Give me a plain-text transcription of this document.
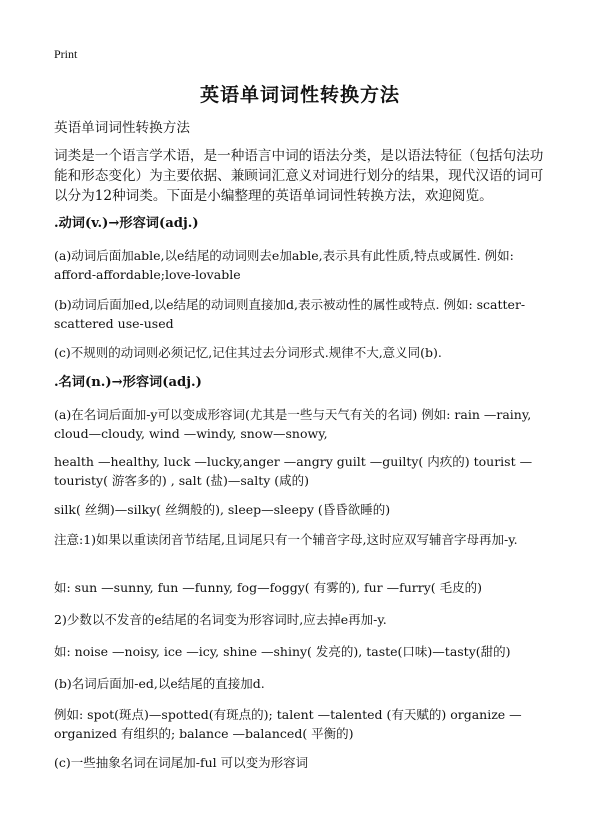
Print
英语单词词性转换方法
英语单词词性转换方法
词类是一个语言学术语，是一种语言中词的语法分类，是以语法特征（包括句法功能和形态变化）为主要依据、兼顾词汇意义对词进行划分的结果，现代汉语的词可以分为12种词类。下面是小编整理的英语单词词性转换方法，欢迎阅览。
.动词(v.)→形容词(adj.)
(a)动词后面加able,以e结尾的动词则去e加able,表示具有此性质,特点或属性. 例如: afford-affordable;love-lovable
(b)动词后面加ed,以e结尾的动词则直接加d,表示被动性的属性或特点. 例如: scatter-scattered use-used
(c)不规则的动词则必须记忆,记住其过去分词形式.规律不大,意义同(b).
.名词(n.)→形容词(adj.)
(a)在名词后面加-y可以变成形容词(尤其是一些与天气有关的名词) 例如: rain —rainy, cloud—cloudy, wind —windy, snow—snowy,
health —healthy, luck —lucky,anger —angry guilt —guilty( 内疚的) tourist —touristy( 游客多的) , salt (盐)—salty (咸的)
silk( 丝绸)—silky( 丝绸般的), sleep—sleepy (昏昏欲睡的)
注意:1)如果以重读闭音节结尾,且词尾只有一个辅音字母,这时应双写辅音字母再加-y.
如: sun —sunny, fun —funny, fog—foggy( 有雾的), fur —furry( 毛皮的)
2)少数以不发音的e结尾的名词变为形容词时,应去掉e再加-y.
如: noise —noisy, ice —icy, shine —shiny( 发亮的), taste(口味)—tasty(甜的)
(b)名词后面加-ed,以e结尾的直接加d.
例如: spot(斑点)—spotted(有斑点的); talent —talented (有天赋的) organize —organized 有组织的; balance —balanced( 平衡的)
(c)一些抽象名词在词尾加-ful 可以变为形容词
